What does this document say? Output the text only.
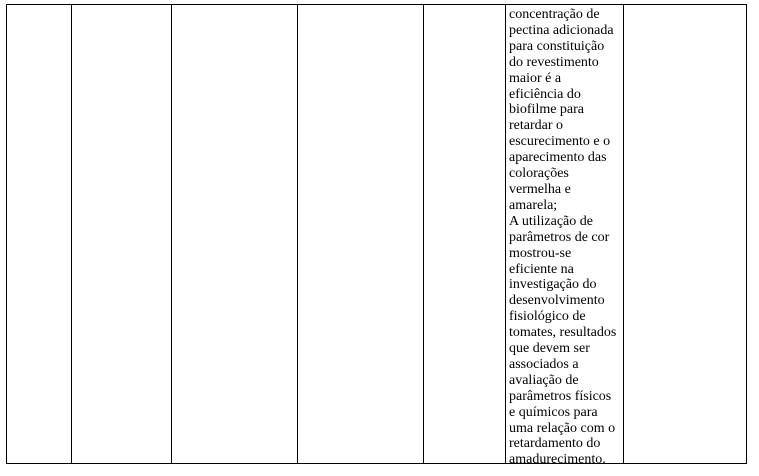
concentração de
pectina adicionada
para constituição
do revestimento
maior é a
eficiência do
biofilme para
retardar o
escurecimento e o
aparecimento das
colorações
vermelha e
amarela;
A utilização de
parâmetros de cor
mostrou-se
eficiente na
investigação do
desenvolvimento
fisiológico de
tomates, resultados
que devem ser
associados a
avaliação de
parâmetros físicos
e químicos para
uma relação com o
retardamento do
amadurecimento.
